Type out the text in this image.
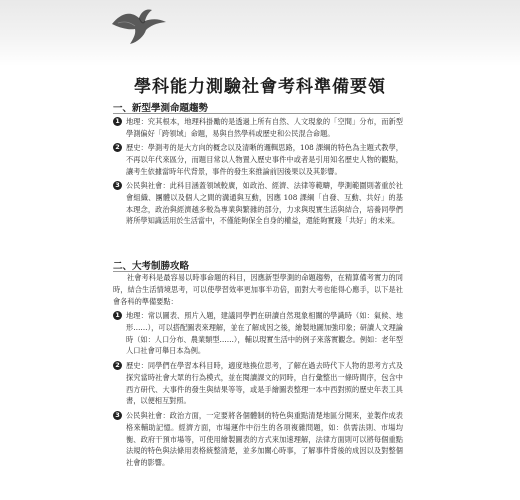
學科能力測驗社會考科準備要領
一、新型學測命題趨勢
1 地理：究其根本，地理科掛勵的是透過上所有自然、人文現象的「空間」分布，而新型學測偏好「跨領域」命題，易與自然學科或歷史和公民混合命題。
2 歷史：學測考的是大方向的概念以及清晰的邏輯思路，108 課綱的特色為主題式教學，不再以年代來區分，而題目常以人物置入歷史事件中或者是引用知名歷史人物的觀點，讓考生依據當時年代背景，事件的發生來推論前因後果以及其影響。
3 公民與社會：此科目涵蓋領域較廣，如政治、經濟、法律等範疇，學測範圍則著重於社會組織、團體以及個人之間的溝通與互動，因應 108 課綱「自發、互動、共好」的基本理念，政治與經濟越多較為專業與繁雜的部分，力求與現實生活與結合，培養同學們將所學知識活用於生活當中，不僅能夠保全自身的權益，還能夠實踐「共好」的未來。
二、大考制勝攻略
社會考科是最容易以時事命題的科目，因應新型學測的命題趨勢，在精算備考實力的同時，結合生活情境思考，可以使學習效率更加事半功倍，面對大考也能得心應手，以下是社會各科的準備要點：
1 地理：常以圖表、照片入題，建議同學們在研讀自然現象相關的學識時（如：氣候、地形……），可以搭配圖表來理解，並在了解成因之後，繪製地圖加強印象；研讀人文理論時（如：人口分布、農業類型……），輔以現實生活中的例子來落實觀念。例如：老年型人口社會可舉日本為例。
2 歷史：同學們在學習本科目時，適度地換位思考，了解在過去時代下人物的思考方式及探究當時社會大眾的行為模式，並在閱讀課文的同時，自行彙整出一條時間序，包含中西方研代、大事件的發生與結果等等，或是手繪圖表整理一本中西對照的歷史年表工具書，以便相互對照。
3 公民與社會：政治方面，一定要將各個體制的特色與重點清楚地區分開來，並製作成表格來輔助記憶。經濟方面，市場運作中衍生的各項複雜問題，如：供需法則、市場均衡、政府干預市場等，可使用繪製圖表的方式來加速理解，法律方面則可以將每個重點法規的特色與法條用表格統整清楚，並多加關心時事，了解事件背後的成因以及對整個社會的影響。
